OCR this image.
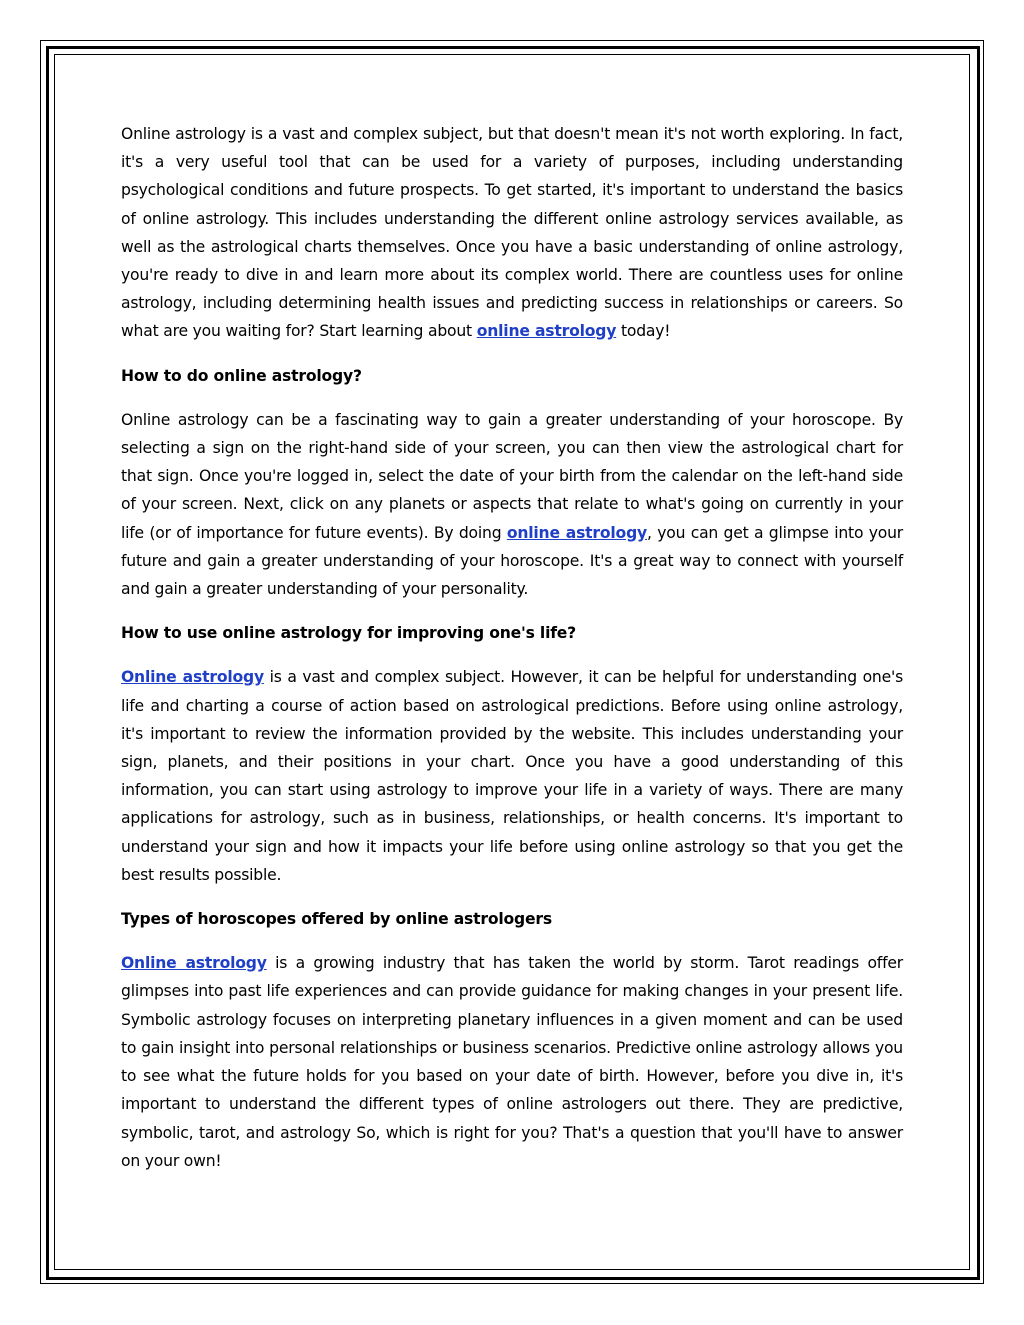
Online astrology is a vast and complex subject, but that doesn't mean it's not worth exploring. In fact, it's a very useful tool that can be used for a variety of purposes, including understanding psychological conditions and future prospects. To get started, it's important to understand the basics of online astrology. This includes understanding the different online astrology services available, as well as the astrological charts themselves. Once you have a basic understanding of online astrology, you're ready to dive in and learn more about its complex world. There are countless uses for online astrology, including determining health issues and predicting success in relationships or careers. So what are you waiting for? Start learning about online astrology today!

How to do online astrology?

Online astrology can be a fascinating way to gain a greater understanding of your horoscope. By selecting a sign on the right-hand side of your screen, you can then view the astrological chart for that sign. Once you're logged in, select the date of your birth from the calendar on the left-hand side of your screen. Next, click on any planets or aspects that relate to what's going on currently in your life (or of importance for future events). By doing online astrology, you can get a glimpse into your future and gain a greater understanding of your horoscope. It's a great way to connect with yourself and gain a greater understanding of your personality.

How to use online astrology for improving one's life?

Online astrology is a vast and complex subject. However, it can be helpful for understanding one's life and charting a course of action based on astrological predictions. Before using online astrology, it's important to review the information provided by the website. This includes understanding your sign, planets, and their positions in your chart. Once you have a good understanding of this information, you can start using astrology to improve your life in a variety of ways. There are many applications for astrology, such as in business, relationships, or health concerns. It's important to understand your sign and how it impacts your life before using online astrology so that you get the best results possible.

Types of horoscopes offered by online astrologers

Online astrology is a growing industry that has taken the world by storm. Tarot readings offer glimpses into past life experiences and can provide guidance for making changes in your present life. Symbolic astrology focuses on interpreting planetary influences in a given moment and can be used to gain insight into personal relationships or business scenarios. Predictive online astrology allows you to see what the future holds for you based on your date of birth. However, before you dive in, it's important to understand the different types of online astrologers out there. They are predictive, symbolic, tarot, and astrology So, which is right for you? That's a question that you'll have to answer on your own!
